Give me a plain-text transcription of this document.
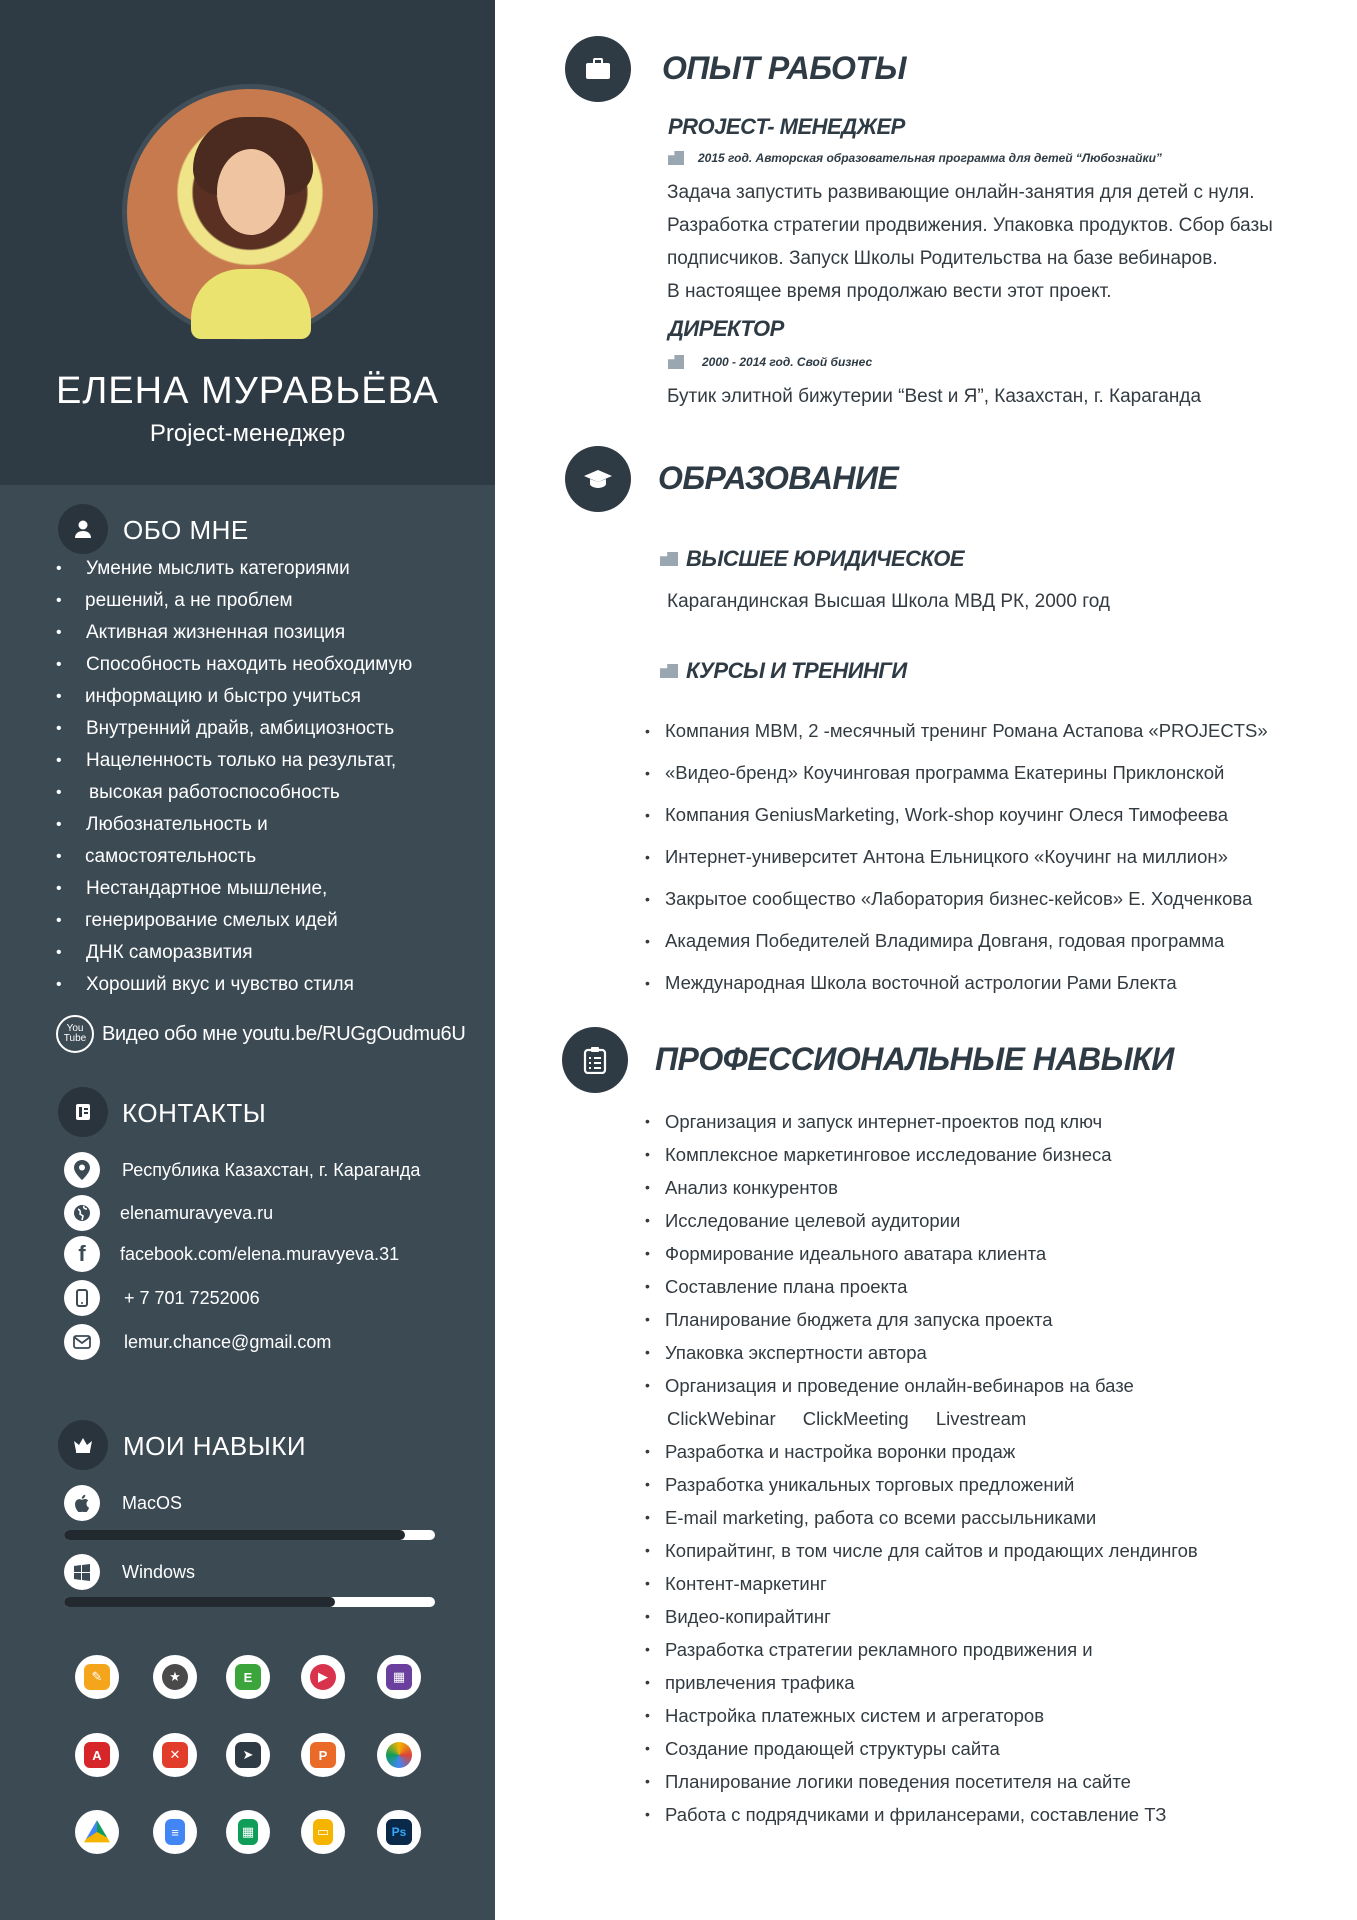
ЕЛЕНА МУРАВЬЁВА
Project-менеджер
ОБО МНЕ
• Умение мыслить категориями
• решений, а не проблем
• Активная жизненная позиция
• Способность находить необходимую
• информацию и быстро учиться
• Внутренний драйв, амбициозность
• Нацеленность только на результат,
• высокая работоспособность
• Любознательность и
• самостоятельность
• Нестандартное мышление,
• генерирование смелых идей
• ДНК саморазвития
• Хороший вкус и чувство стиля
You Tube Видео обо мне youtu.be/RUGgOudmu6U
КОНТАКТЫ
Республика Казахстан, г. Караганда
elenamuravyeva.ru
f	facebook.com/elena.muravyeva.31
+ 7 701 7252006
lemur.chance@gmail.com
МОИ НАВЫКИ
MacOS
Windows
✎	★	E	▶	▦
A	✕	➤	P
≡	▦	▭	Ps
ОПЫТ РАБОТЫ
PROJECT- МЕНЕДЖЕР
2015 год. Авторская образовательная программа для детей “Любознайки”
Задача запустить развивающие онлайн-занятия для детей с нуля.
Разработка стратегии продвижения. Упаковка продуктов. Сбор базы
подписчиков. Запуск Школы Родительства на базе вебинаров.
В настоящее время продолжаю вести этот проект.
ДИРЕКТОР
2000 - 2014 год. Свой бизнес
Бутик элитной бижутерии “Best и Я”, Казахстан, г. Караганда
ОБРАЗОВАНИЕ
ВЫСШЕЕ ЮРИДИЧЕСКОЕ
Карагандинская Высшая Школа МВД РК, 2000 год
КУРСЫ И ТРЕНИНГИ
• Компания МВМ, 2 -месячный тренинг Романа Астапова «PROJECTS»
• «Видео-бренд» Коучинговая программа Екатерины Приклонской
• Компания GeniusMarketing, Work-shop коучинг Олеся Тимофеева
• Интернет-университет Антона Ельницкого «Коучинг на миллион»
• Закрытое сообщество «Лаборатория бизнес-кейсов» Е. Ходченкова
• Академия Победителей Владимира Довганя, годовая программа
• Международная Школа восточной астрологии Рами Блекта
ПРОФЕССИОНАЛЬНЫЕ НАВЫКИ
• Организация и запуск интернет-проектов под ключ
• Комплексное маркетинговое исследование бизнеса
• Анализ конкурентов
• Исследование целевой аудитории
• Формирование идеального аватара клиента
• Составление плана проекта
• Планирование бюджета для запуска проекта
• Упаковка экспертности автора
• Организация и проведение онлайн-вебинаров на базе
ClickWebinar ClickMeeting Livestream
• Разработка и настройка воронки продаж
• Разработка уникальных торговых предложений
• E-mail marketing, работа со всеми рассыльниками
• Копирайтинг, в том числе для сайтов и продающих лендингов
• Контент-маркетинг
• Видео-копирайтинг
• Разработка стратегии рекламного продвижения и
• привлечения трафика
• Настройка платежных систем и агрегаторов
• Создание продающей структуры сайта
• Планирование логики поведения посетителя на сайте
• Работа с подрядчиками и фрилансерами, составление ТЗ
